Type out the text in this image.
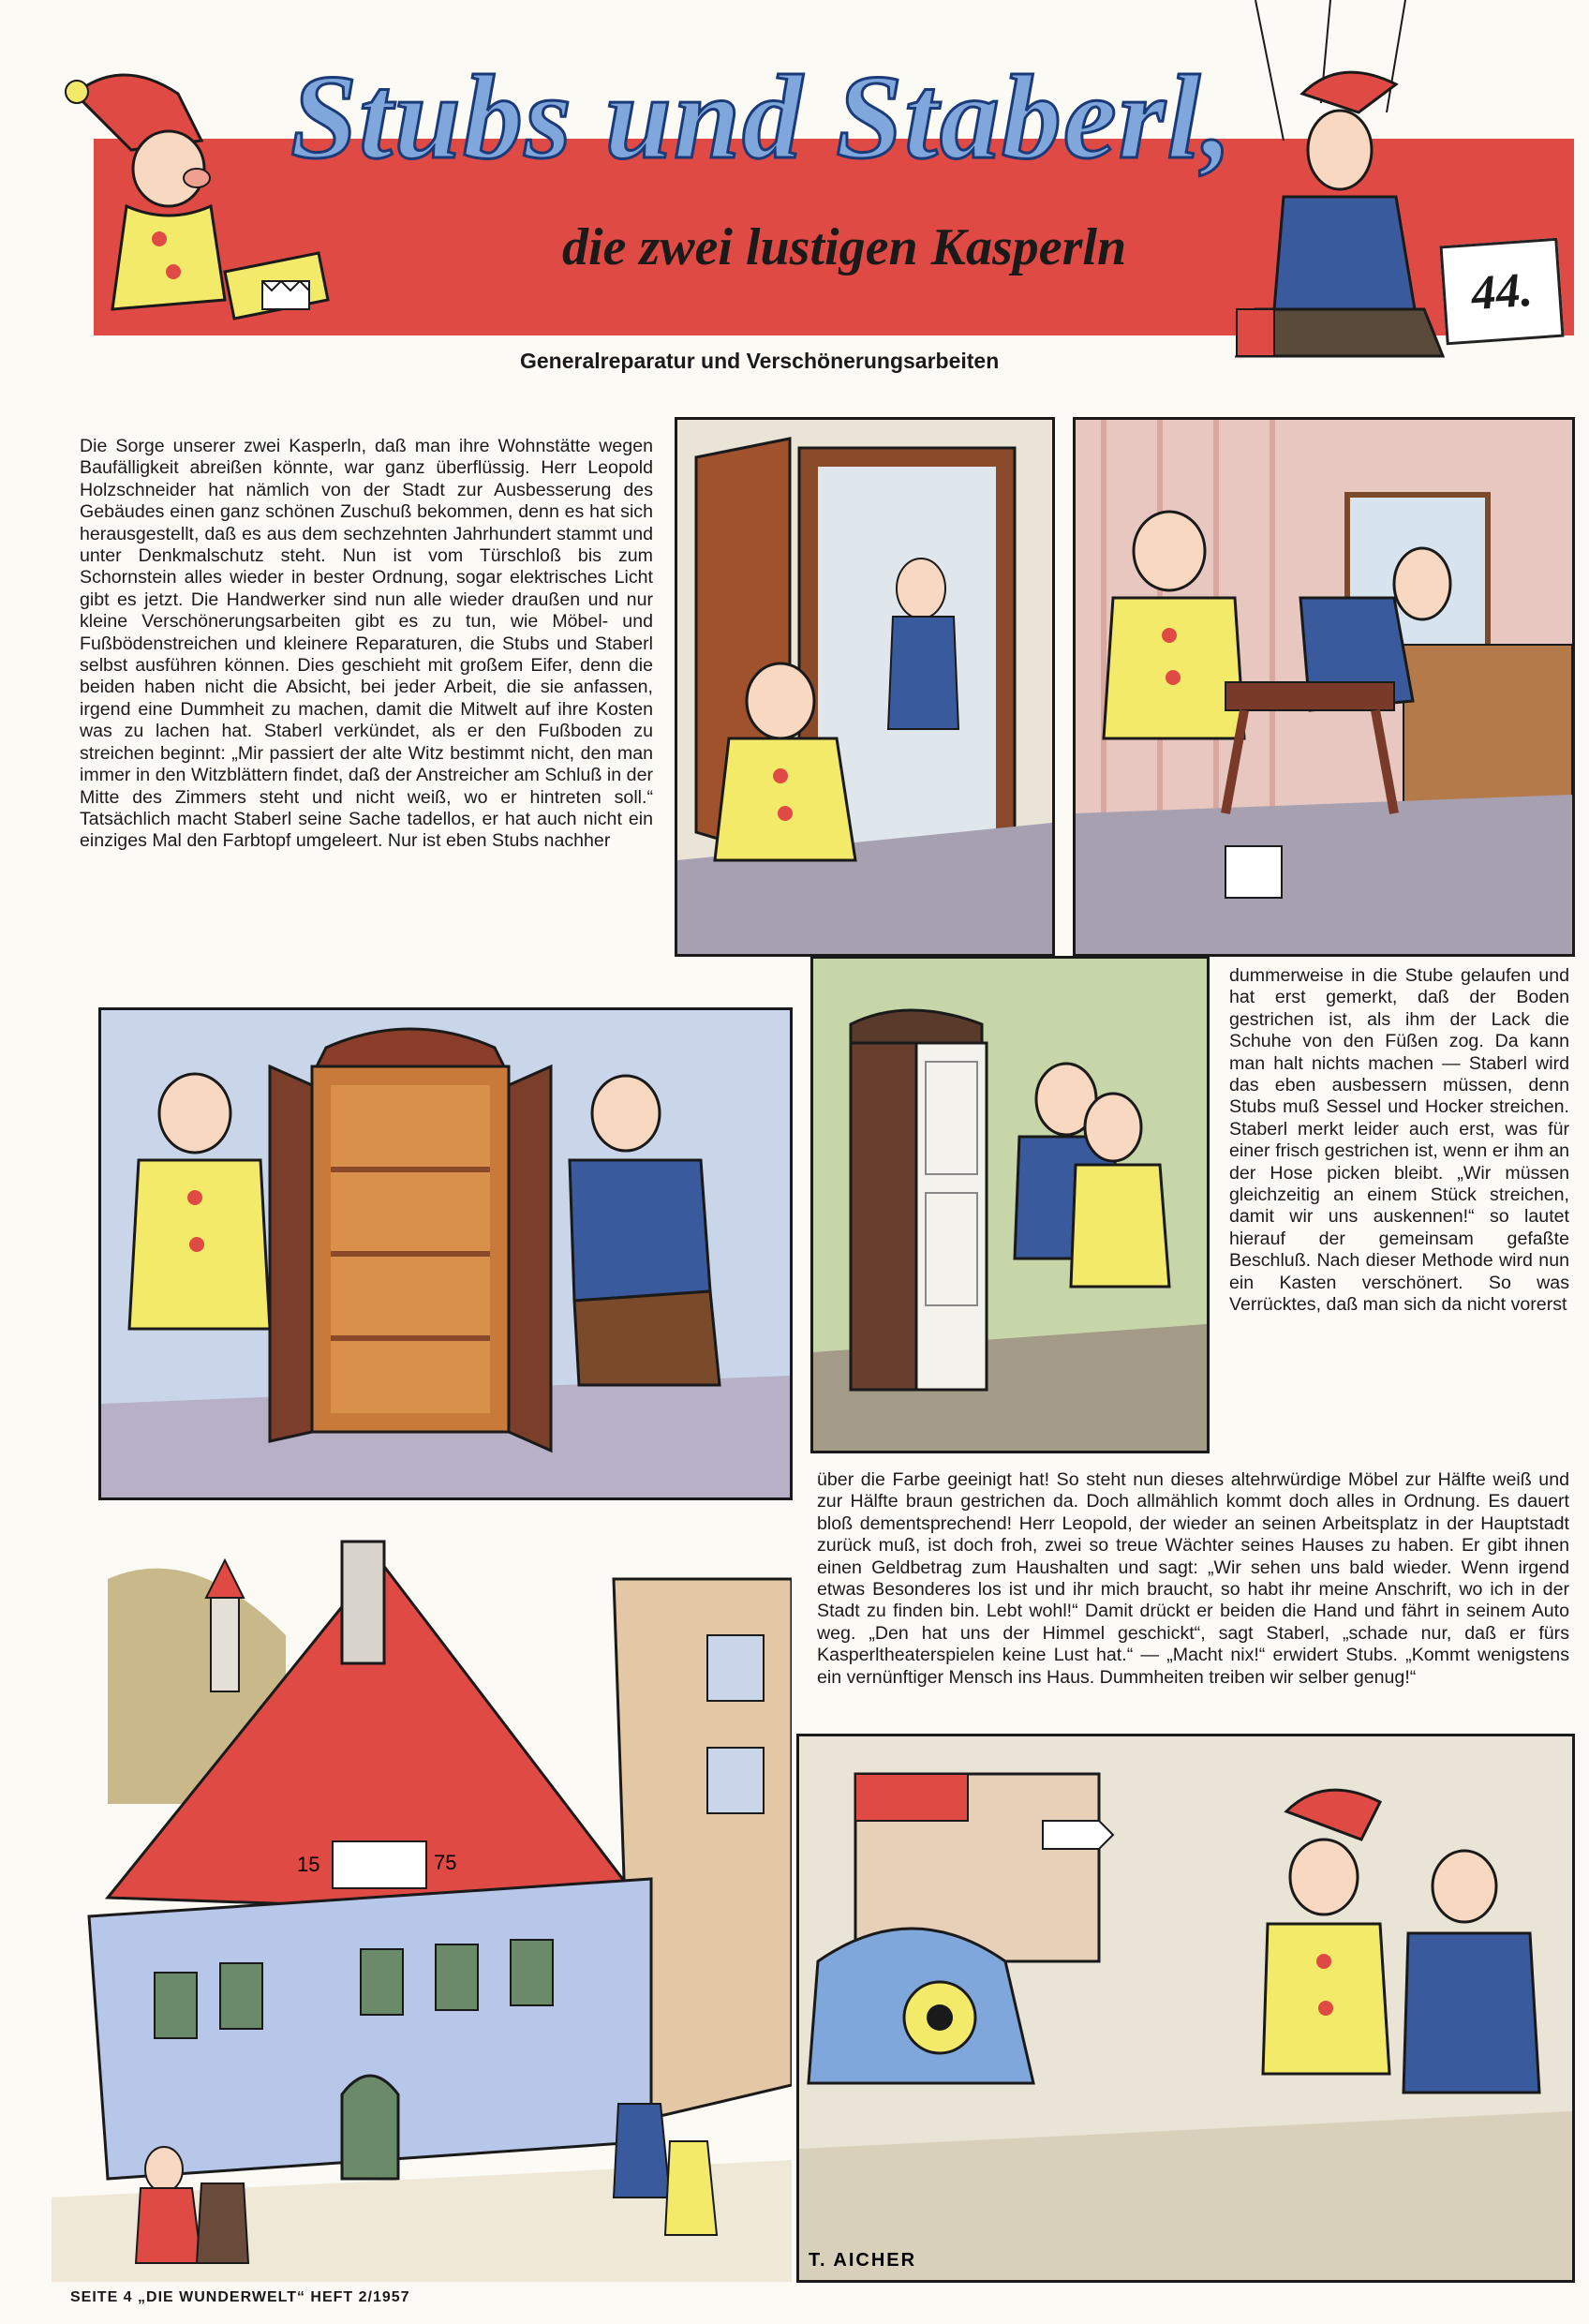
Stubs und Staberl,
die zwei lustigen Kasperln
44.
Generalreparatur und Verschönerungsarbeiten

Die Sorge unserer zwei Kasperln, daß man ihre Wohnstätte wegen Baufälligkeit abreißen könnte, war ganz überflüssig. Herr Leopold Holzschneider hat nämlich von der Stadt zur Ausbesserung des Gebäudes einen ganz schönen Zuschuß bekommen, denn es hat sich herausgestellt, daß es aus dem sechzehnten Jahrhundert stammt und unter Denkmalschutz steht. Nun ist vom Türschloß bis zum Schornstein alles wieder in bester Ordnung, sogar elektrisches Licht gibt es jetzt. Die Handwerker sind nun alle wieder draußen und nur kleine Verschönerungsarbeiten gibt es zu tun, wie Möbel- und Fußbödenstreichen und kleinere Reparaturen, die Stubs und Staberl selbst ausführen können. Dies geschieht mit großem Eifer, denn die beiden haben nicht die Absicht, bei jeder Arbeit, die sie anfassen, irgend eine Dummheit zu machen, damit die Mitwelt auf ihre Kosten was zu lachen hat. Staberl verkündet, als er den Fußboden zu streichen beginnt: „Mir passiert der alte Witz bestimmt nicht, den man immer in den Witzblättern findet, daß der Anstreicher am Schluß in der Mitte des Zimmers steht und nicht weiß, wo er hintreten soll.“ Tatsächlich macht Staberl seine Sache tadellos, er hat auch nicht ein einziges Mal den Farbtopf umgeleert. Nur ist eben Stubs nachher

dummerweise in die Stube gelaufen und hat erst gemerkt, daß der Boden gestrichen ist, als ihm der Lack die Schuhe von den Füßen zog. Da kann man halt nichts machen — Staberl wird das eben ausbessern müssen, denn Stubs muß Sessel und Hocker streichen. Staberl merkt leider auch erst, was für einer frisch gestrichen ist, wenn er ihm an der Hose picken bleibt. „Wir müssen gleichzeitig an einem Stück streichen, damit wir uns auskennen!“ so lautet hierauf der gemeinsam gefaßte Beschluß. Nach dieser Methode wird nun ein Kasten verschönert. So was Verrücktes, daß man sich da nicht vorerst

über die Farbe geeinigt hat! So steht nun dieses altehrwürdige Möbel zur Hälfte weiß und zur Hälfte braun gestrichen da. Doch allmählich kommt doch alles in Ordnung. Es dauert bloß dementsprechend! Herr Leopold, der wieder an seinen Arbeitsplatz in der Hauptstadt zurück muß, ist doch froh, zwei so treue Wächter seines Hauses zu haben. Er gibt ihnen einen Geldbetrag zum Haushalten und sagt: „Wir sehen uns bald wieder. Wenn irgend etwas Besonderes los ist und ihr mich braucht, so habt ihr meine Anschrift, wo ich in der Stadt zu finden bin. Lebt wohl!“ Damit drückt er beiden die Hand und fährt in seinem Auto weg. „Den hat uns der Himmel geschickt“, sagt Staberl, „schade nur, daß er fürs Kasperltheaterspielen keine Lust hat.“ — „Macht nix!“ erwidert Stubs. „Kommt wenigstens ein vernünftiger Mensch ins Haus. Dummheiten treiben wir selber genug!“

15	75
T. AICHER
SEITE 4 „DIE WUNDERWELT“ HEFT 2/1957
